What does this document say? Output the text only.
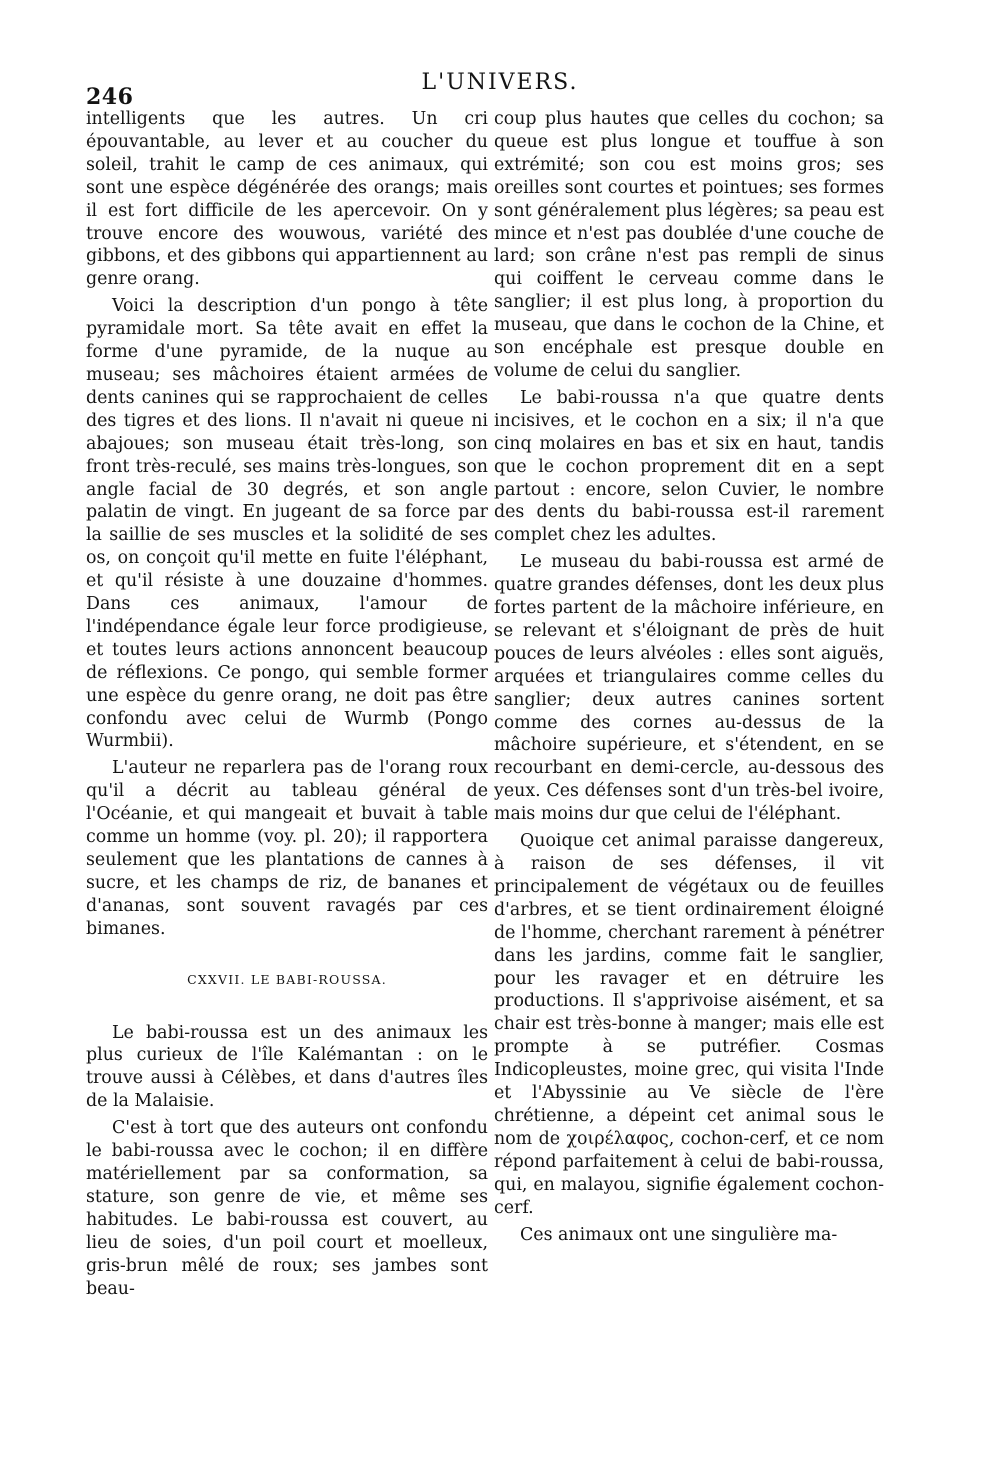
246
L'UNIVERS.

intelligents que les autres. Un cri épouvantable, au lever et au coucher du soleil, trahit le camp de ces animaux, qui sont une espèce dégénérée des orangs; mais il est fort difficile de les apercevoir. On y trouve encore des wouwous, variété des gibbons, et des gibbons qui appartiennent au genre orang.

Voici la description d'un pongo à tête pyramidale mort. Sa tête avait en effet la forme d'une pyramide, de la nuque au museau; ses mâchoires étaient armées de dents canines qui se rapprochaient de celles des tigres et des lions. Il n'avait ni queue ni abajoues; son museau était très-long, son front très-reculé, ses mains très-longues, son angle facial de 30 degrés, et son angle palatin de vingt. En jugeant de sa force par la saillie de ses muscles et la solidité de ses os, on conçoit qu'il mette en fuite l'éléphant, et qu'il résiste à une douzaine d'hommes. Dans ces animaux, l'amour de l'indépendance égale leur force prodigieuse, et toutes leurs actions annoncent beaucoup de réflexions. Ce pongo, qui semble former une espèce du genre orang, ne doit pas être confondu avec celui de Wurmb (Pongo Wurmbii).

L'auteur ne reparlera pas de l'orang roux qu'il a décrit au tableau général de l'Océanie, et qui mangeait et buvait à table comme un homme (voy. pl. 20); il rapportera seulement que les plantations de cannes à sucre, et les champs de riz, de bananes et d'ananas, sont souvent ravagés par ces bimanes.

CXXVII. LE BABI-ROUSSA.

Le babi-roussa est un des animaux les plus curieux de l'île Kalémantan : on le trouve aussi à Célèbes, et dans d'autres îles de la Malaisie.

C'est à tort que des auteurs ont confondu le babi-roussa avec le cochon; il en diffère matériellement par sa conformation, sa stature, son genre de vie, et même ses habitudes. Le babi-roussa est couvert, au lieu de soies, d'un poil court et moelleux, gris-brun mêlé de roux; ses jambes sont beau-

coup plus hautes que celles du cochon; sa queue est plus longue et touffue à son extrémité; son cou est moins gros; ses oreilles sont courtes et pointues; ses formes sont généralement plus légères; sa peau est mince et n'est pas doublée d'une couche de lard; son crâne n'est pas rempli de sinus qui coiffent le cerveau comme dans le sanglier; il est plus long, à proportion du museau, que dans le cochon de la Chine, et son encéphale est presque double en volume de celui du sanglier.

Le babi-roussa n'a que quatre dents incisives, et le cochon en a six; il n'a que cinq molaires en bas et six en haut, tandis que le cochon proprement dit en a sept partout : encore, selon Cuvier, le nombre des dents du babi-roussa est-il rarement complet chez les adultes.

Le museau du babi-roussa est armé de quatre grandes défenses, dont les deux plus fortes partent de la mâchoire inférieure, en se relevant et s'éloignant de près de huit pouces de leurs alvéoles : elles sont aiguës, arquées et triangulaires comme celles du sanglier; deux autres canines sortent comme des cornes au-dessus de la mâchoire supérieure, et s'étendent, en se recourbant en demi-cercle, au-dessous des yeux. Ces défenses sont d'un très-bel ivoire, mais moins dur que celui de l'éléphant.

Quoique cet animal paraisse dangereux, à raison de ses défenses, il vit principalement de végétaux ou de feuilles d'arbres, et se tient ordinairement éloigné de l'homme, cherchant rarement à pénétrer dans les jardins, comme fait le sanglier, pour les ravager et en détruire les productions. Il s'apprivoise aisément, et sa chair est très-bonne à manger; mais elle est prompte à se putréfier. Cosmas Indicopleustes, moine grec, qui visita l'Inde et l'Abyssinie au Ve siècle de l'ère chrétienne, a dépeint cet animal sous le nom de χοιρέλαφος, cochon-cerf, et ce nom répond parfaitement à celui de babi-roussa, qui, en malayou, signifie également cochon-cerf.

Ces animaux ont une singulière ma-
